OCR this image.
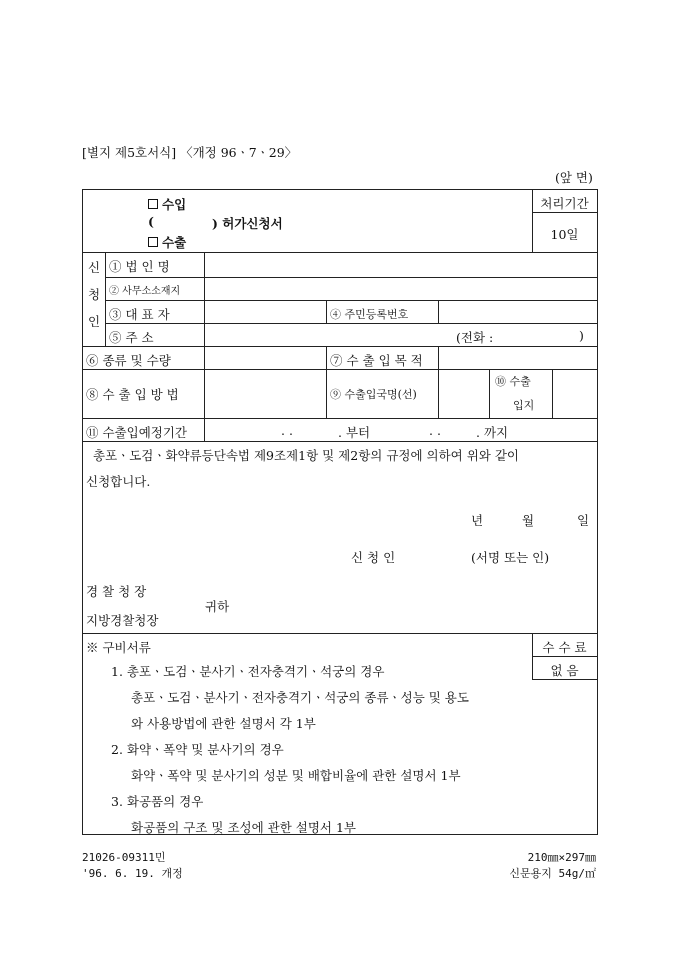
[별지 제5호서식] 〈개정 96ㆍ7ㆍ29〉
(앞 면)
수입
(	) 허가신청서
수출
처리기간
10일
신
청
인
① 법 인 명
② 사무소소재지
③ 대 표 자	④ 주민등록번호
⑤ 주 소	(전화 :	)
⑥ 종류 및 수량	⑦ 수 출 입 목 적
⑧ 수 출 입 방 법	⑨ 수출입국명(선)
⑩ 수출
입지
⑪ 수출입예정기간	. .	. 부터	. .	. 까지
총포ㆍ도검ㆍ화약류등단속법 제9조제1항 및 제2항의 규정에 의하여 위와 같이
신청합니다.
년	월	일
신 청 인	(서명 또는 인)
경 찰 청 장
지방경찰청장
귀하
※ 구비서류	수 수 료
없 음
1. 총포ㆍ도검ㆍ분사기ㆍ전자충격기ㆍ석궁의 경우
총포ㆍ도검ㆍ분사기ㆍ전자충격기ㆍ석궁의 종류ㆍ성능 및 용도
와 사용방법에 관한 설명서 각 1부
2. 화약ㆍ폭약 및 분사기의 경우
화약ㆍ폭약 및 분사기의 성분 및 배합비율에 관한 설명서 1부
3. 화공품의 경우
화공품의 구조 및 조성에 관한 설명서 1부
21026-09311민
'96. 6. 19. 개정
210㎜×297㎜
신문용지 54g/㎡
